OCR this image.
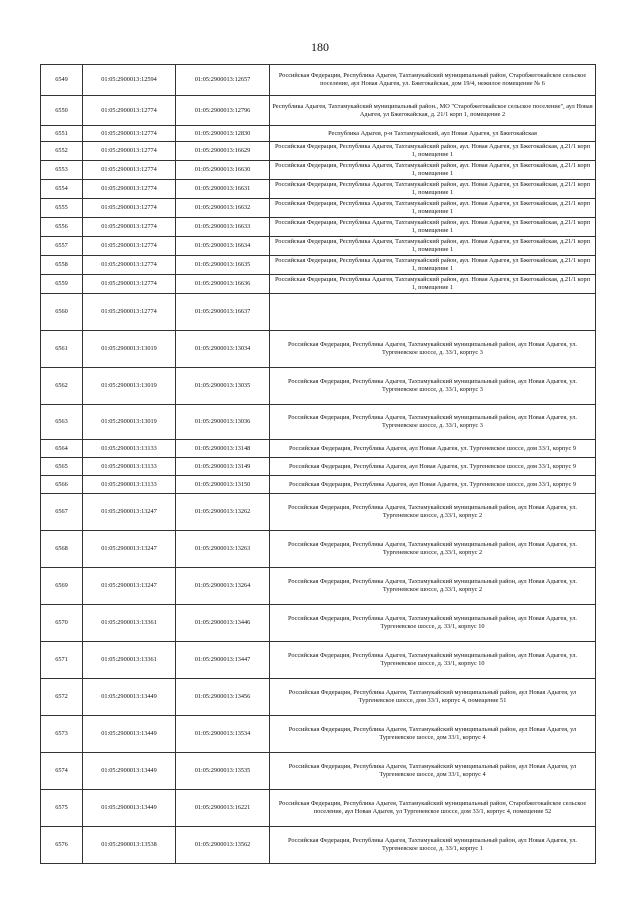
180
6549	01:05:2900013:12594	01:05:2900013:12657	Российская Федерация, Республика Адыгея, Тахтамукайский муниципальный район, Старобжегокайское сельское поселение, аул Новая Адыгея, ул. Бжегокайская, дом 19/4, нежилое помещение № 6
6550	01:05:2900013:12774	01:05:2900013:12796	Республика Адыгея, Тахтамукайский муниципальный район., МО "Старобжегокайское сельское поселение", аул Новая Адыгея, ул Бжегокайская, д. 21/1 корп 1, помещение 2
6551	01:05:2900013:12774	01:05:2900013:12830	Республика Адыгея, р-н Тахтамукайский, аул Новая Адыгея, ул Бжегокайская
6552	01:05:2900013:12774	01:05:2900013:16629	Российская Федерация, Республика Адыгея, Тахтамукайский район, аул. Новая Адыгея, ул Бжегокайская, д.21/1 корп 1, помещение 1
6553	01:05:2900013:12774	01:05:2900013:16630	Российская Федерация, Республика Адыгея, Тахтамукайский район, аул. Новая Адыгея, ул Бжегокайская, д.21/1 корп 1, помещение 1
6554	01:05:2900013:12774	01:05:2900013:16631	Российская Федерация, Республика Адыгея, Тахтамукайский район, аул. Новая Адыгея, ул Бжегокайская, д.21/1 корп 1, помещение 1
6555	01:05:2900013:12774	01:05:2900013:16632	Российская Федерация, Республика Адыгея, Тахтамукайский район, аул. Новая Адыгея, ул Бжегокайская, д.21/1 корп 1, помещение 1
6556	01:05:2900013:12774	01:05:2900013:16633	Российская Федерация, Республика Адыгея, Тахтамукайский район, аул. Новая Адыгея, ул Бжегокайская, д.21/1 корп 1, помещение 1
6557	01:05:2900013:12774	01:05:2900013:16634	Российская Федерация, Республика Адыгея, Тахтамукайский район, аул. Новая Адыгея, ул Бжегокайская, д.21/1 корп 1, помещение 1
6558	01:05:2900013:12774	01:05:2900013:16635	Российская Федерация, Республика Адыгея, Тахтамукайский район, аул. Новая Адыгея, ул Бжегокайская, д.21/1 корп 1, помещение 1
6559	01:05:2900013:12774	01:05:2900013:16636	Российская Федерация, Республика Адыгея, Тахтамукайский район, аул. Новая Адыгея, ул Бжегокайская, д.21/1 корп 1, помещение 1
6560	01:05:2900013:12774	01:05:2900013:16637	
6561	01:05:2900013:13019	01:05:2900013:13034	Российская Федерация, Республика Адыгея, Тахтамукайский муниципальный район, аул Новая Адыгея, ул. Тургеневское шоссе, д. 33/1, корпус 3
6562	01:05:2900013:13019	01:05:2900013:13035	Российская Федерация, Республика Адыгея, Тахтамукайский муниципальный район, аул Новая Адыгея, ул. Тургеневское шоссе, д. 33/1, корпус 3
6563	01:05:2900013:13019	01:05:2900013:13036	Российская Федерация, Республика Адыгея, Тахтамукайский муниципальный район, аул Новая Адыгея, ул. Тургеневское шоссе, д. 33/1, корпус 3
6564	01:05:2900013:13133	01:05:2900013:13148	Российская Федерация, Республика Адыгея, аул Новая Адыгея, ул. Тургеневское шоссе, дом 33/1, корпус 9
6565	01:05:2900013:13133	01:05:2900013:13149	Российская Федерация, Республика Адыгея, аул Новая Адыгея, ул. Тургеневское шоссе, дом 33/1, корпус 9
6566	01:05:2900013:13133	01:05:2900013:13150	Российская Федерация, Республика Адыгея, аул Новая Адыгея, ул. Тургеневское шоссе, дом 33/1, корпус 9
6567	01:05:2900013:13247	01:05:2900013:13262	Российская Федерация, Республика Адыгея, Тахтамукайский муниципальный район, аул Новая Адыгея, ул. Тургеневское шоссе, д.33/1, корпус 2
6568	01:05:2900013:13247	01:05:2900013:13263	Российская Федерация, Республика Адыгея, Тахтамукайский муниципальный район, аул Новая Адыгея, ул. Тургеневское шоссе, д.33/1, корпус 2
6569	01:05:2900013:13247	01:05:2900013:13264	Российская Федерация, Республика Адыгея, Тахтамукайский муниципальный район, аул Новая Адыгея, ул. Тургеневское шоссе, д.33/1, корпус 2
6570	01:05:2900013:13361	01:05:2900013:13446	Российская Федерация, Республика Адыгея, Тахтамукайский муниципальный район, аул Новая Адыгея, ул. Тургеневское шоссе, д. 33/1, корпус 10
6571	01:05:2900013:13361	01:05:2900013:13447	Российская Федерация, Республика Адыгея, Тахтамукайский муниципальный район, аул Новая Адыгея, ул. Тургеневское шоссе, д. 33/1, корпус 10
6572	01:05:2900013:13449	01:05:2900013:13456	Российская Федерация, Республика Адыгея, Тахтамукайский муниципальный район, аул Новая Адыгея, ул Тургеневское шоссе, дом 33/1, корпус 4, помещение 51
6573	01:05:2900013:13449	01:05:2900013:13534	Российская Федерация, Республика Адыгея, Тахтамукайский муниципальный район, аул Новая Адыгея, ул Тургеневское шоссе, дом 33/1, корпус 4
6574	01:05:2900013:13449	01:05:2900013:13535	Российская Федерация, Республика Адыгея, Тахтамукайский муниципальный район, аул Новая Адыгея, ул Тургеневское шоссе, дом 33/1, корпус 4
6575	01:05:2900013:13449	01:05:2900013:16221	Российская Федерация, Республика Адыгея, Тахтамукайский муниципальный район, Старобжегокайское сельское поселение, аул Новая Адыгея, ул Тургеневское шоссе, дом 33/1, корпус 4, помещение 52
6576	01:05:2900013:13538	01:05:2900013:13562	Российская Федерация, Республика Адыгея, Тахтамукайский муниципальный район, аул Новая Адыгея, ул. Тургеневское шоссе, д. 33/1, корпус 1
